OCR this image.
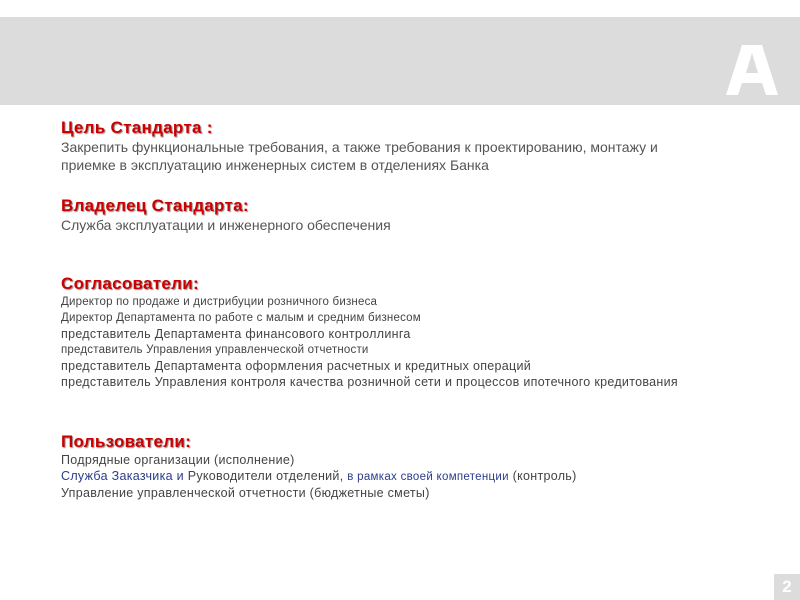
Цель Стандарта :
Закрепить функциональные требования, а также требования к проектированию, монтажу и
приемке в эксплуатацию инженерных систем в отделениях Банка
Владелец Стандарта:
Служба эксплуатации и инженерного обеспечения
Согласователи:
Директор по продаже и дистрибуции розничного бизнеса
Директор Департамента по работе с малым и средним бизнесом
представитель Департамента финансового контроллинга
представитель Управления управленческой отчетности
представитель Департамента оформления расчетных и кредитных операций
представитель Управления контроля качества розничной сети и процессов ипотечного кредитования
Пользователи:
Подрядные организации (исполнение)
Служба Заказчика и Руководители отделений, в рамках своей компетенции (контроль)
Управление управленческой отчетности (бюджетные сметы)
2
